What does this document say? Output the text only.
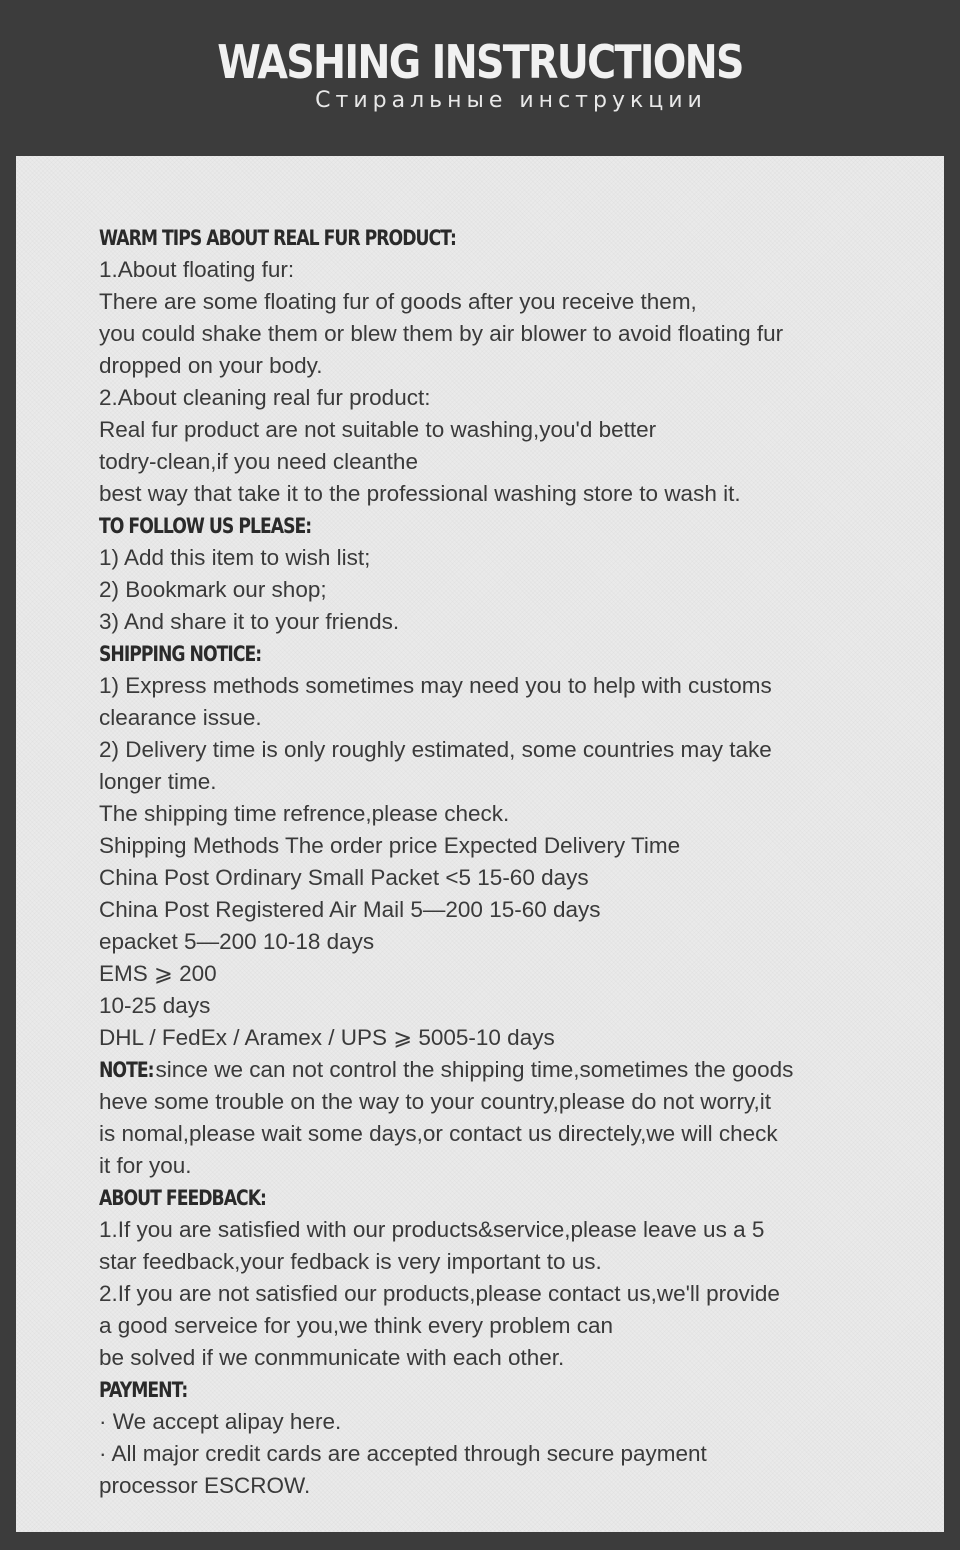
WASHING INSTRUCTIONS
Стиральные инструкции
WARM TIPS ABOUT REAL FUR PRODUCT:
1.About floating fur:
There are some floating fur of goods after you receive them,
you could shake them or blew them by air blower to avoid floating fur
dropped on your body.
2.About cleaning real fur product:
Real fur product are not suitable to washing,you'd better
todry-clean,if you need cleanthe
best way that take it to the professional washing store to wash it.
TO FOLLOW US PLEASE:
1) Add this item to wish list;
2) Bookmark our shop;
3) And share it to your friends.
SHIPPING NOTICE:
1) Express methods sometimes may need you to help with customs
clearance issue.
2) Delivery time is only roughly estimated, some countries may take
longer time.
The shipping time refrence,please check.
Shipping Methods The order price Expected Delivery Time
China Post Ordinary Small Packet <5 15-60 days
China Post Registered Air Mail 5—200 15-60 days
epacket 5—200 10-18 days
EMS ⩾ 200
10-25 days
DHL / FedEx / Aramex / UPS ⩾ 5005-10 days
NOTE:since we can not control the shipping time,sometimes the goods
heve some trouble on the way to your country,please do not worry,it
is nomal,please wait some days,or contact us directely,we will check
it for you.
ABOUT FEEDBACK:
1.If you are satisfied with our products&service,please leave us a 5
star feedback,your fedback is very important to us.
2.If you are not satisfied our products,please contact us,we'll provide
a good serveice for you,we think every problem can
be solved if we conmmunicate with each other.
PAYMENT:
· We accept alipay here.
· All major credit cards are accepted through secure payment
processor ESCROW.
